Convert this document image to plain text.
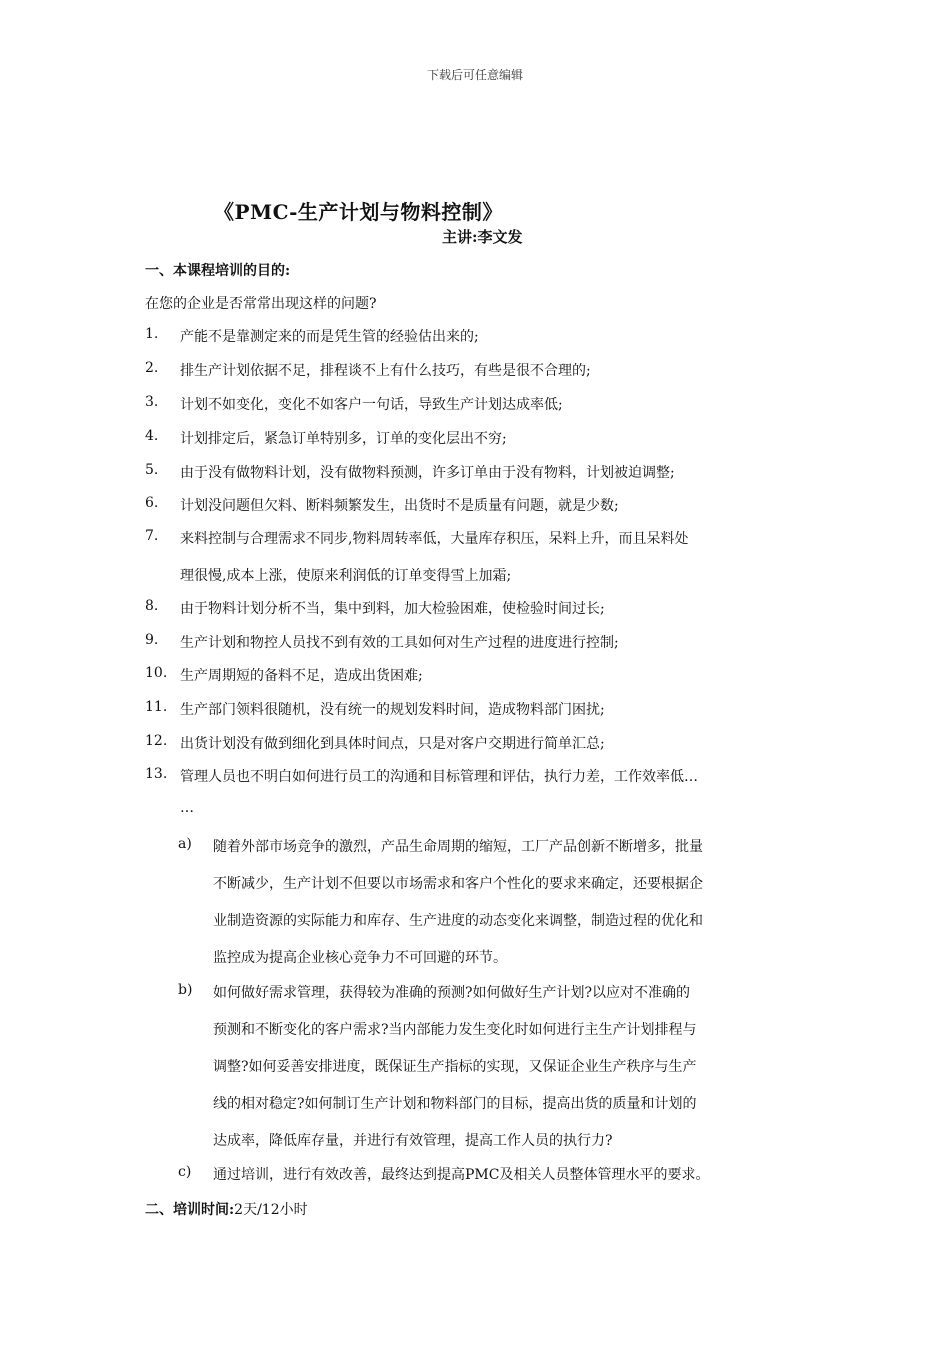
下载后可任意编辑
《PMC-生产计划与物料控制》
主讲:李文发
一、本课程培训的目的:
在您的企业是否常常出现这样的问题?
1. 产能不是靠测定来的而是凭生管的经验估出来的;
2. 排生产计划依据不足，排程谈不上有什么技巧，有些是很不合理的;
3. 计划不如变化，变化不如客户一句话，导致生产计划达成率低;
4. 计划排定后，紧急订单特别多，订单的变化层出不穷;
5. 由于没有做物料计划，没有做物料预测，许多订单由于没有物料，计划被迫调整;
6. 计划没问题但欠料、断料频繁发生，出货时不是质量有问题，就是少数;
7. 来料控制与合理需求不同步,物料周转率低，大量库存积压，呆料上升，而且呆料处
理很慢,成本上涨，使原来利润低的订单变得雪上加霜;
8. 由于物料计划分析不当，集中到料，加大检验困难，使检验时间过长;
9. 生产计划和物控人员找不到有效的工具如何对生产过程的进度进行控制;
10. 生产周期短的备料不足，造成出货困难;
11. 生产部门领料很随机，没有统一的规划发料时间，造成物料部门困扰;
12. 出货计划没有做到细化到具体时间点，只是对客户交期进行简单汇总;
13. 管理人员也不明白如何进行员工的沟通和目标管理和评估，执行力差，工作效率低…
…
a) 随着外部市场竞争的激烈，产品生命周期的缩短，工厂产品创新不断增多，批量
不断减少，生产计划不但要以市场需求和客户个性化的要求来确定，还要根据企
业制造资源的实际能力和库存、生产进度的动态变化来调整，制造过程的优化和
监控成为提高企业核心竞争力不可回避的环节。
b) 如何做好需求管理，获得较为准确的预测?如何做好生产计划?以应对不准确的
预测和不断变化的客户需求?当内部能力发生变化时如何进行主生产计划排程与
调整?如何妥善安排进度，既保证生产指标的实现，又保证企业生产秩序与生产
线的相对稳定?如何制订生产计划和物料部门的目标，提高出货的质量和计划的
达成率，降低库存量，并进行有效管理，提高工作人员的执行力?
c) 通过培训，进行有效改善，最终达到提高PMC及相关人员整体管理水平的要求。
二、培训时间:2天/12小时
